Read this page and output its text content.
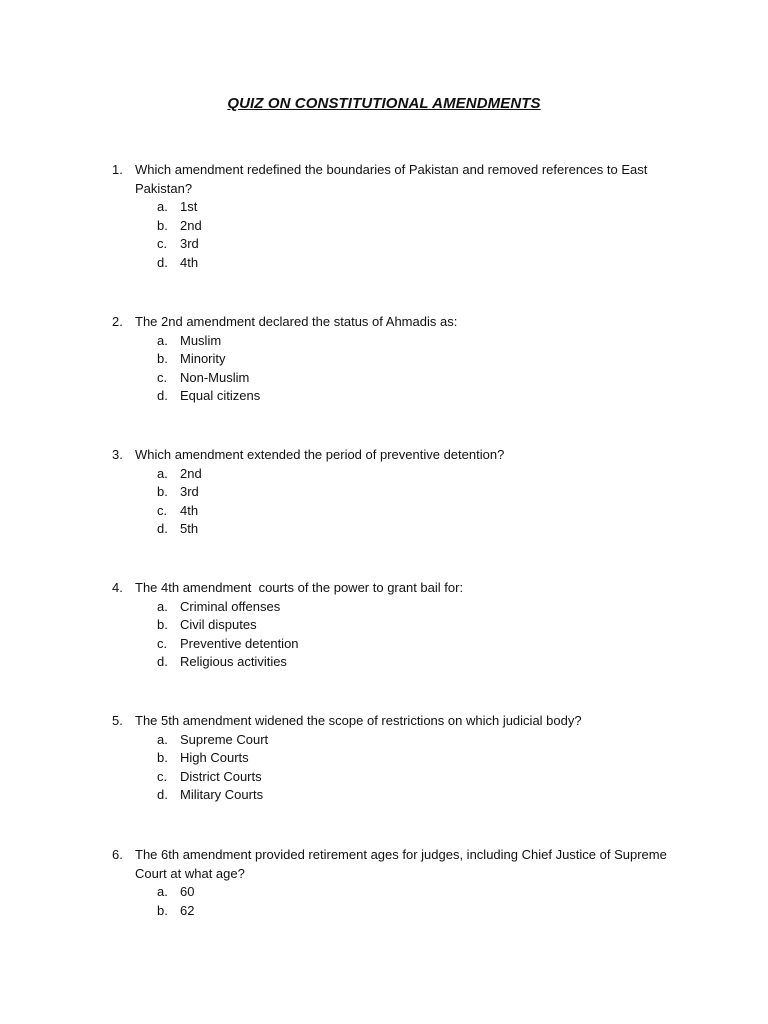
QUIZ ON CONSTITUTIONAL AMENDMENTS
1. Which amendment redefined the boundaries of Pakistan and removed references to East Pakistan?
a. 1st
b. 2nd
c. 3rd
d. 4th
2. The 2nd amendment declared the status of Ahmadis as:
a. Muslim
b. Minority
c. Non-Muslim
d. Equal citizens
3. Which amendment extended the period of preventive detention?
a. 2nd
b. 3rd
c. 4th
d. 5th
4. The 4th amendment  courts of the power to grant bail for:
a. Criminal offenses
b. Civil disputes
c. Preventive detention
d. Religious activities
5. The 5th amendment widened the scope of restrictions on which judicial body?
a. Supreme Court
b. High Courts
c. District Courts
d. Military Courts
6. The 6th amendment provided retirement ages for judges, including Chief Justice of Supreme Court at what age?
a. 60
b. 62
